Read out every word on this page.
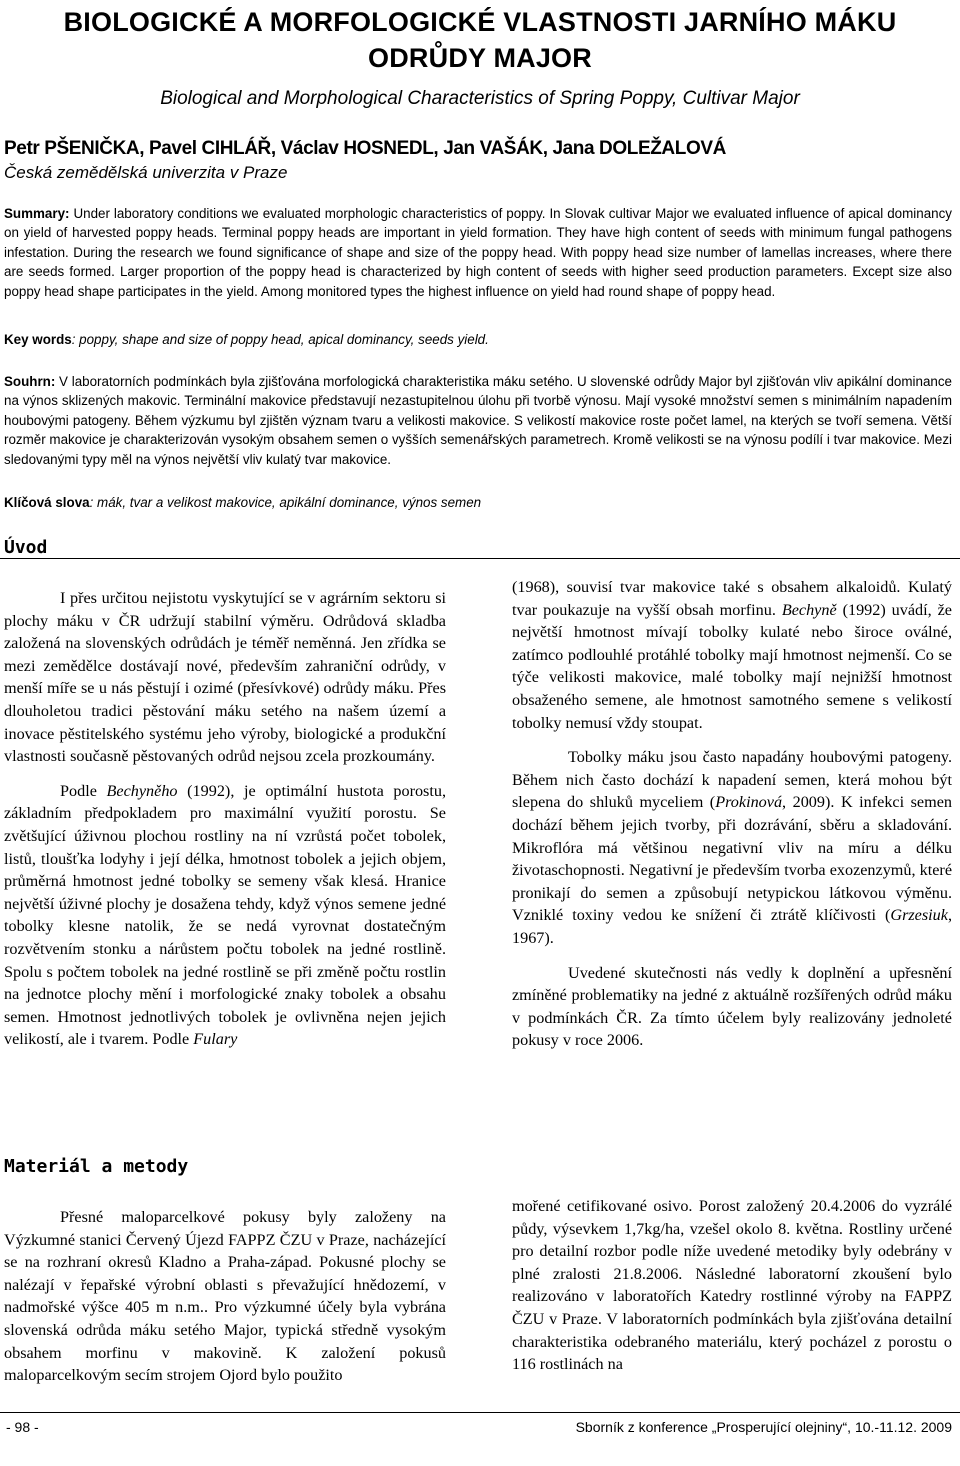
BIOLOGICKÉ A MORFOLOGICKÉ VLASTNOSTI JARNÍHO MÁKU
ODRŮDY MAJOR
Biological and Morphological Characteristics of Spring Poppy, Cultivar Major
Petr PŠENIČKA, Pavel CIHLÁŘ, Václav HOSNEDL, Jan VAŠÁK, Jana DOLEŽALOVÁ
Česká zemědělská univerzita v Praze

Summary: Under laboratory conditions we evaluated morphologic characteristics of poppy. In Slovak cultivar Major we evaluated influence of apical dominancy on yield of harvested poppy heads. Terminal poppy heads are important in yield formation. They have high content of seeds with minimum fungal pathogens infestation. During the research we found significance of shape and size of the poppy head. With poppy head size number of lamellas increases, where there are seeds formed. Larger proportion of the poppy head is characterized by high content of seeds with higher seed production parameters. Except size also poppy head shape participates in the yield. Among monitored types the highest influence on yield had round shape of poppy head.

Key words: poppy, shape and size of poppy head, apical dominancy, seeds yield.

Souhrn: V laboratorních podmínkách byla zjišťována morfologická charakteristika máku setého. U slovenské odrůdy Major byl zjišťován vliv apikální dominance na výnos sklizených makovic. Terminální makovice představují nezastupitelnou úlohu při tvorbě výnosu. Mají vysoké množství semen s minimálním napadením houbovými patogeny. Během výzkumu byl zjištěn význam tvaru a velikosti makovice. S velikostí makovice roste počet lamel, na kterých se tvoří semena. Větší rozměr makovice je charakterizován vysokým obsahem semen o vyšších semenářských parametrech. Kromě velikosti se na výnosu podílí i tvar makovice. Mezi sledovanými typy měl na výnos největší vliv kulatý tvar makovice.

Klíčová slova: mák, tvar a velikost makovice, apikální dominance, výnos semen

Úvod

I přes určitou nejistotu vyskytující se v agrárním sektoru si plochy máku v ČR udržují stabilní výměru. Odrůdová skladba založená na slovenských odrůdách je téměř neměnná. Jen zřídka se mezi zemědělce dostávají nové, především zahraniční odrůdy, v menší míře se u nás pěstují i ozimé (přesívkové) odrůdy máku. Přes dlouholetou tradici pěstování máku setého na našem území a inovace pěstitelského systému jeho výroby, biologické a produkční vlastnosti současně pěstovaných odrůd nejsou zcela prozkoumány.

Podle Bechyněho (1992), je optimální hustota porostu, základním předpokladem pro maximální využití porostu. Se zvětšující úživnou plochou rostliny na ní vzrůstá počet tobolek, listů, tloušťka lodyhy i její délka, hmotnost tobolek a jejich objem, průměrná hmotnost jedné tobolky se semeny však klesá. Hranice největší úživné plochy je dosažena tehdy, když výnos semene jedné tobolky klesne natolik, že se nedá vyrovnat dostatečným rozvětvením stonku a nárůstem počtu tobolek na jedné rostlině. Spolu s počtem tobolek na jedné rostlině se při změně počtu rostlin na jednotce plochy mění i morfologické znaky tobolek a obsahu semen. Hmotnost jednotlivých tobolek je ovlivněna nejen jejich velikostí, ale i tvarem. Podle Fulary

(1968), souvisí tvar makovice také s obsahem alkaloidů. Kulatý tvar poukazuje na vyšší obsah morfinu. Bechyně (1992) uvádí, že největší hmotnost mívají tobolky kulaté nebo široce oválné, zatímco podlouhlé protáhlé tobolky mají hmotnost nejmenší. Co se týče velikosti makovice, malé tobolky mají nejnižší hmotnost obsaženého semene, ale hmotnost samotného semene s velikostí tobolky nemusí vždy stoupat.

Tobolky máku jsou často napadány houbovými patogeny. Během nich často dochází k napadení semen, která mohou být slepena do shluků myceliem (Prokinová, 2009). K infekci semen dochází během jejich tvorby, při dozrávání, sběru a skladování. Mikroflóra má většinou negativní vliv na míru a délku životaschopnosti. Negativní je především tvorba exozenzymů, které pronikají do semen a způsobují netypickou látkovou výměnu. Vzniklé toxiny vedou ke snížení či ztrátě klíčivosti (Grzesiuk, 1967).

Uvedené skutečnosti nás vedly k doplnění a upřesnění zmíněné problematiky na jedné z aktuálně rozšířených odrůd máku v podmínkách ČR. Za tímto účelem byly realizovány jednoleté pokusy v roce 2006.

Materiál a metody

Přesné maloparcelkové pokusy byly založeny na Výzkumné stanici Červený Újezd FAPPZ ČZU v Praze, nacházející se na rozhraní okresů Kladno a Praha-západ. Pokusné plochy se nalézají v řepařské výrobní oblasti s převažující hnědozemí, v nadmořské výšce 405 m n.m.. Pro výzkumné účely byla vybrána slovenská odrůda máku setého Major, typická středně vysokým obsahem morfinu v makovině. K založení pokusů maloparcelkovým secím strojem Ojord bylo použito

mořené cetifikované osivo. Porost založený 20.4.2006 do vyzrálé půdy, výsevkem 1,7kg/ha, vzešel okolo 8. května. Rostliny určené pro detailní rozbor podle níže uvedené metodiky byly odebrány v plné zralosti 21.8.2006. Následné laboratorní zkoušení bylo realizováno v laboratořích Katedry rostlinné výroby na FAPPZ ČZU v Praze. V laboratorních podmínkách byla zjišťována detailní charakteristika odebraného materiálu, který pocházel z porostu o 116 rostlinách na

- 98 -	Sborník z konference „Prosperující olejniny“, 10.-11.12. 2009
